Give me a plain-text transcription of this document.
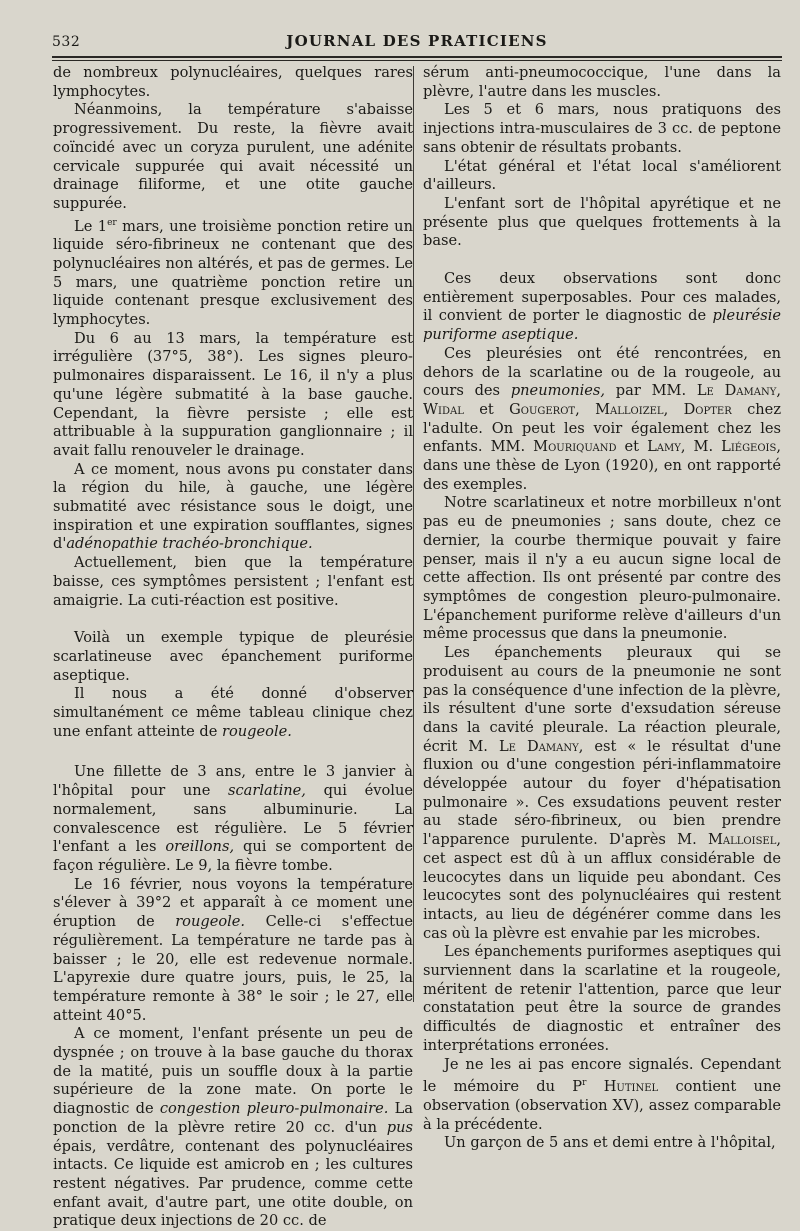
532	JOURNAL DES PRATICIENS

de nombreux polynucléaires, quelques rares lymphocytes.

Néanmoins, la température s'abaisse progressivement. Du reste, la fièvre avait coïncidé avec un coryza purulent, une adénite cervicale suppurée qui avait nécessité un drainage filiforme, et une otite gauche suppurée.

Le 1er mars, une troisième ponction retire un liquide séro-fibrineux ne contenant que des polynucléaires non altérés, et pas de germes. Le 5 mars, une quatrième ponction retire un liquide contenant presque exclusivement des lymphocytes.

Du 6 au 13 mars, la température est irrégulière (37°5, 38°). Les signes pleuro-pulmonaires disparaissent. Le 16, il n'y a plus qu'une légère submatité à la base gauche. Cependant, la fièvre persiste ; elle est attribuable à la suppuration ganglionnaire ; il avait fallu renouveler le drainage.

A ce moment, nous avons pu constater dans la région du hile, à gauche, une légère submatité avec résistance sous le doigt, une inspiration et une expiration soufflantes, signes d'adénopathie trachéo-bronchique.

Actuellement, bien que la température baisse, ces symptômes persistent ; l'enfant est amaigrie. La cuti-réaction est positive.

Voilà un exemple typique de pleurésie scarlatineuse avec épanchement puriforme aseptique.

Il nous a été donné d'observer simultanément ce même tableau clinique chez une enfant atteinte de rougeole.

Une fillette de 3 ans, entre le 3 janvier à l'hôpital pour une scarlatine, qui évolue normalement, sans albuminurie. La convalescence est régulière. Le 5 février l'enfant a les oreillons, qui se comportent de façon régulière. Le 9, la fièvre tombe.

Le 16 février, nous voyons la température s'élever à 39°2 et apparaît à ce moment une éruption de rougeole. Celle-ci s'effectue régulièrement. La température ne tarde pas à baisser ; le 20, elle est redevenue normale. L'apyrexie dure quatre jours, puis, le 25, la température remonte à 38° le soir ; le 27, elle atteint 40°5.

A ce moment, l'enfant présente un peu de dyspnée ; on trouve à la base gauche du thorax de la matité, puis un souffle doux à la partie supérieure de la zone mate. On porte le diagnostic de congestion pleuro-pulmonaire. La ponction de la plèvre retire 20 cc. d'un pus épais, verdâtre, contenant des polynucléaires intacts. Ce liquide est amicrob en ; les cultures restent négatives. Par prudence, comme cette enfant avait, d'autre part, une otite double, on pratique deux injections de 20 cc. de

sérum anti-pneumococcique, l'une dans la plèvre, l'autre dans les muscles.

Les 5 et 6 mars, nous pratiquons des injections intra-musculaires de 3 cc. de peptone sans obtenir de résultats probants.

L'état général et l'état local s'améliorent d'ailleurs.

L'enfant sort de l'hôpital apyrétique et ne présente plus que quelques frottements à la base.

Ces deux observations sont donc entièrement superposables. Pour ces malades, il convient de porter le diagnostic de pleurésie puriforme aseptique.

Ces pleurésies ont été rencontrées, en dehors de la scarlatine ou de la rougeole, au cours des pneumonies, par MM. Le Damany, Widal et Gougerot, Malloizel, Dopter chez l'adulte. On peut les voir également chez les enfants. MM. Mouriquand et Lamy, M. Liégeois, dans une thèse de Lyon (1920), en ont rapporté des exemples.

Notre scarlatineux et notre morbilleux n'ont pas eu de pneumonies ; sans doute, chez ce dernier, la courbe thermique pouvait y faire penser, mais il n'y a eu aucun signe local de cette affection. Ils ont présenté par contre des symptômes de congestion pleuro-pulmonaire. L'épanchement puriforme relève d'ailleurs d'un même processus que dans la pneumonie.

Les épanchements pleuraux qui se produisent au cours de la pneumonie ne sont pas la conséquence d'une infection de la plèvre, ils résultent d'une sorte d'exsudation séreuse dans la cavité pleurale. La réaction pleurale, écrit M. Le Damany, est « le résultat d'une fluxion ou d'une congestion péri-inflammatoire développée autour du foyer d'hépatisation pulmonaire ». Ces exsudations peuvent rester au stade séro-fibrineux, ou bien prendre l'apparence purulente. D'après M. Malloisel, cet aspect est dû à un afflux considérable de leucocytes dans un liquide peu abondant. Ces leucocytes sont des polynucléaires qui restent intacts, au lieu de dégénérer comme dans les cas où la plèvre est envahie par les microbes.

Les épanchements puriformes aseptiques qui surviennent dans la scarlatine et la rougeole, méritent de retenir l'attention, parce que leur constatation peut être la source de grandes difficultés de diagnostic et entraîner des interprétations erronées.

Je ne les ai pas encore signalés. Cependant le mémoire du $P^r$ Hutinel contient une observation (observation XV), assez comparable à la précédente.

Un garçon de 5 ans et demi entre à l'hôpital,
